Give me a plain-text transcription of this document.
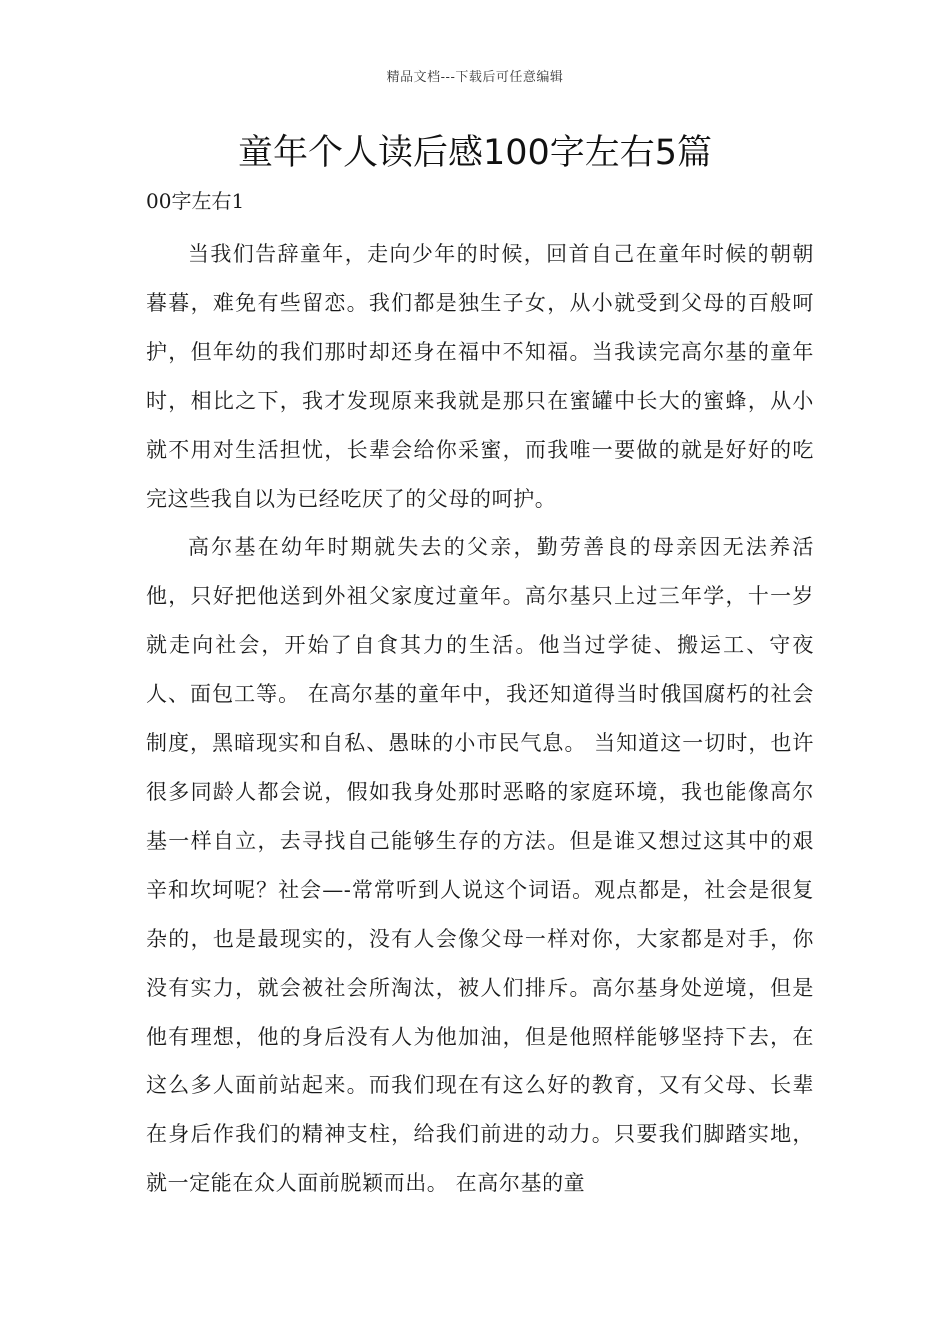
精品文档---下载后可任意编辑
童年个人读后感100字左右5篇
00字左右1

当我们告辞童年，走向少年的时候，回首自己在童年时候的朝朝暮暮，难免有些留恋。我们都是独生子女，从小就受到父母的百般呵护，但年幼的我们那时却还身在福中不知福。当我读完高尔基的童年时，相比之下，我才发现原来我就是那只在蜜罐中长大的蜜蜂，从小就不用对生活担忧，长辈会给你采蜜，而我唯一要做的就是好好的吃完这些我自以为已经吃厌了的父母的呵护。

高尔基在幼年时期就失去的父亲，勤劳善良的母亲因无法养活他，只好把他送到外祖父家度过童年。高尔基只上过三年学，十一岁就走向社会，开始了自食其力的生活。他当过学徒、搬运工、守夜人、面包工等。 在高尔基的童年中，我还知道得当时俄国腐朽的社会制度，黑暗现实和自私、愚昧的小市民气息。 当知道这一切时，也许很多同龄人都会说，假如我身处那时恶略的家庭环境，我也能像高尔基一样自立，去寻找自己能够生存的方法。但是谁又想过这其中的艰辛和坎坷呢？社会—-常常听到人说这个词语。观点都是，社会是很复杂的，也是最现实的，没有人会像父母一样对你，大家都是对手，你没有实力，就会被社会所淘汰，被人们排斥。高尔基身处逆境，但是他有理想，他的身后没有人为他加油，但是他照样能够坚持下去，在这么多人面前站起来。而我们现在有这么好的教育，又有父母、长辈在身后作我们的精神支柱，给我们前进的动力。只要我们脚踏实地，就一定能在众人面前脱颖而出。 在高尔基的童
